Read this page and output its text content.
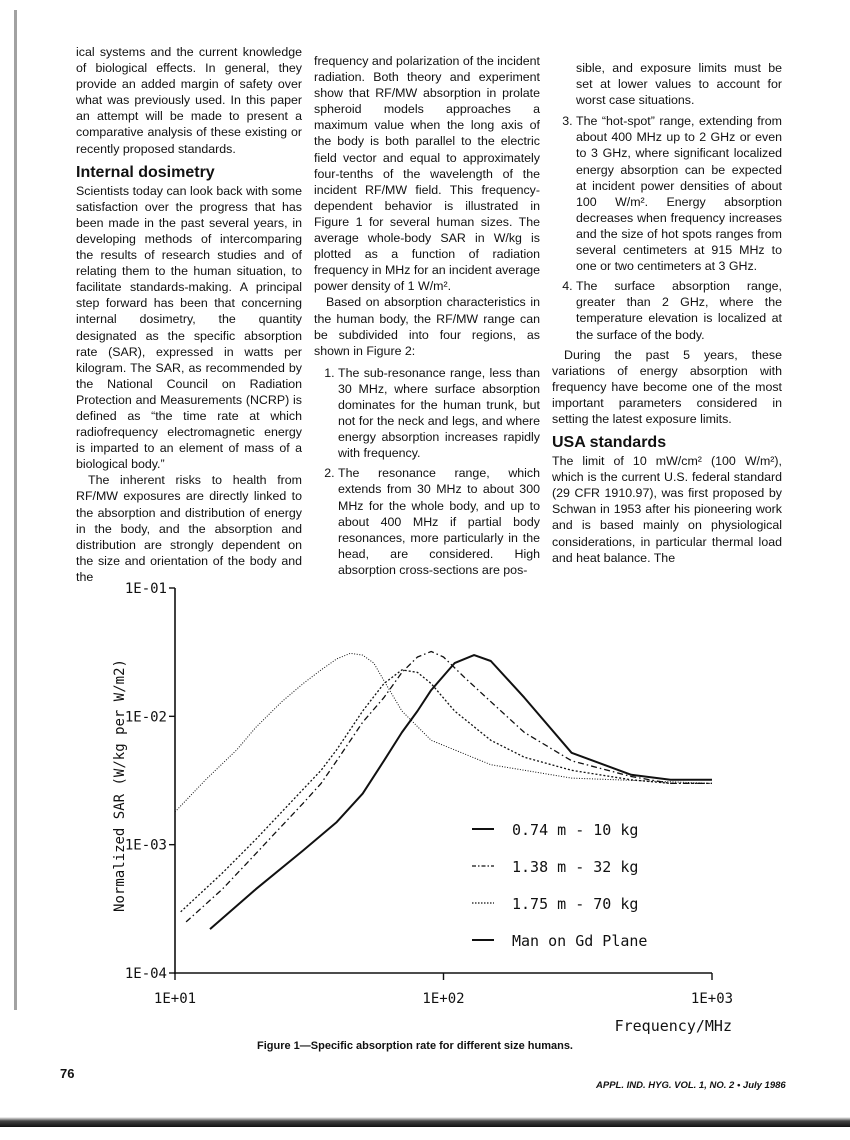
ical systems and the current knowledge of biological effects. In general, they provide an added margin of safety over what was previously used. In this paper an attempt will be made to present a comparative analysis of these existing or recently proposed standards.

Internal dosimetry

Scientists today can look back with some satisfaction over the progress that has been made in the past several years, in developing methods of intercomparing the results of research studies and of relating them to the human situation, to facilitate standards-making. A principal step forward has been that concerning internal dosimetry, the quantity designated as the specific absorption rate (SAR), expressed in watts per kilogram. The SAR, as recommended by the National Council on Radiation Protection and Measurements (NCRP) is defined as “the time rate at which radiofrequency electromagnetic energy is imparted to an element of mass of a biological body.”

The inherent risks to health from RF/MW exposures are directly linked to the absorption and distribution of energy in the body, and the absorption and distribution are strongly dependent on the size and orientation of the body and the

frequency and polarization of the incident radiation. Both theory and experiment show that RF/MW absorption in prolate spheroid models approaches a maximum value when the long axis of the body is both parallel to the electric field vector and equal to approximately four-tenths of the wavelength of the incident RF/MW field. This frequency-dependent behavior is illustrated in Figure 1 for several human sizes. The average whole-body SAR in W/kg is plotted as a function of radiation frequency in MHz for an incident average power density of 1 W/m².

Based on absorption characteristics in the human body, the RF/MW range can be subdivided into four regions, as shown in Figure 2:

1. The sub-resonance range, less than 30 MHz, where surface absorption dominates for the human trunk, but not for the neck and legs, and where energy absorption increases rapidly with frequency.
2. The resonance range, which extends from 30 MHz to about 300 MHz for the whole body, and up to about 400 MHz if partial body resonances, more particularly in the head, are considered. High absorption cross-sections are pos-

sible, and exposure limits must be set at lower values to account for worst case situations.

3. The “hot-spot” range, extending from about 400 MHz up to 2 GHz or even to 3 GHz, where significant localized energy absorption can be expected at incident power densities of about 100 W/m². Energy absorption decreases when frequency increases and the size of hot spots ranges from several centimeters at 915 MHz to one or two centimeters at 3 GHz.
4. The surface absorption range, greater than 2 GHz, where the temperature elevation is localized at the surface of the body.

During the past 5 years, these variations of energy absorption with frequency have become one of the most important parameters considered in setting the latest exposure limits.

USA standards

The limit of 10 mW/cm² (100 W/m²), which is the current U.S. federal standard (29 CFR 1910.97), was first proposed by Schwan in 1953 after his pioneering work and is based mainly on physiological considerations, in particular thermal load and heat balance. The

1E-01
1E-02
1E-03
1E-04
1E+01	1E+02	1E+03
Frequency/MHz
Normalized SAR (W/kg per W/m2)	0.74 m - 10 kg
1.38 m - 32 kg
1.75 m - 70 kg
Man on Gd Plane
Figure 1—Specific absorption rate for different size humans.
76
APPL. IND. HYG. VOL. 1, NO. 2 • July 1986
